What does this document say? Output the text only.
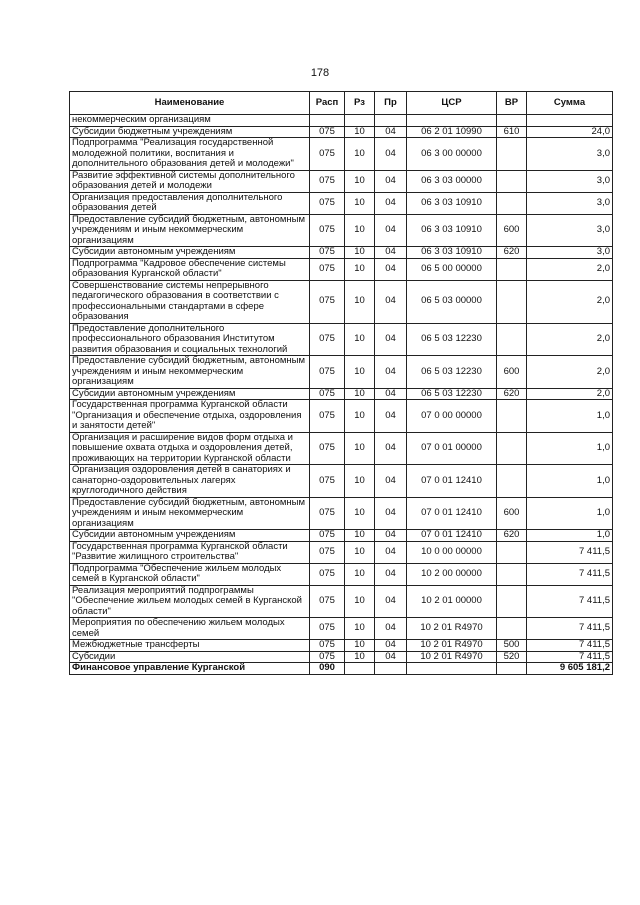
178
Наименование	Расп	Рз	Пр	ЦСР	ВР	Сумма
некоммерческим организациям						
Субсидии бюджетным учреждениям	075	10	04	06 2 01 10990	610	24,0
Подпрограмма "Реализация государственной молодежной политики, воспитания и дополнительного образования детей и молодежи"	075	10	04	06 3 00 00000		3,0
Развитие эффективной системы дополнительного образования детей и молодежи	075	10	04	06 3 03 00000		3,0
Организация предоставления дополнительного образования детей	075	10	04	06 3 03 10910		3,0
Предоставление субсидий бюджетным, автономным учреждениям и иным некоммерческим организациям	075	10	04	06 3 03 10910	600	3,0
Субсидии автономным учреждениям	075	10	04	06 3 03 10910	620	3,0
Подпрограмма "Кадровое обеспечение системы образования Курганской области"	075	10	04	06 5 00 00000		2,0
Совершенствование системы непрерывного педагогического образования в соответствии с профессиональными стандартами в сфере образования	075	10	04	06 5 03 00000		2,0
Предоставление дополнительного профессионального образования Институтом развития образования и социальных технологий	075	10	04	06 5 03 12230		2,0
Предоставление субсидий бюджетным, автономным учреждениям и иным некоммерческим организациям	075	10	04	06 5 03 12230	600	2,0
Субсидии автономным учреждениям	075	10	04	06 5 03 12230	620	2,0
Государственная программа Курганской области "Организация и обеспечение отдыха, оздоровления и занятости детей"	075	10	04	07 0 00 00000		1,0
Организация и расширение видов форм отдыха и повышение охвата отдыха и оздоровления детей, проживающих на территории Курганской области	075	10	04	07 0 01 00000		1,0
Организация оздоровления детей в санаториях и санаторно-оздоровительных лагерях круглогодичного действия	075	10	04	07 0 01 12410		1,0
Предоставление субсидий бюджетным, автономным учреждениям и иным некоммерческим организациям	075	10	04	07 0 01 12410	600	1,0
Субсидии автономным учреждениям	075	10	04	07 0 01 12410	620	1,0
Государственная программа Курганской области "Развитие жилищного строительства"	075	10	04	10 0 00 00000		7 411,5
Подпрограмма "Обеспечение жильем молодых семей в Курганской области"	075	10	04	10 2 00 00000		7 411,5
Реализация мероприятий подпрограммы "Обеспечение жильем молодых семей в Курганской области"	075	10	04	10 2 01 00000		7 411,5
Мероприятия по обеспечению жильем молодых семей	075	10	04	10 2 01 R4970		7 411,5
Межбюджетные трансферты	075	10	04	10 2 01 R4970	500	7 411,5
Субсидии	075	10	04	10 2 01 R4970	520	7 411,5
Финансовое управление Курганской	090					9 605 181,2
